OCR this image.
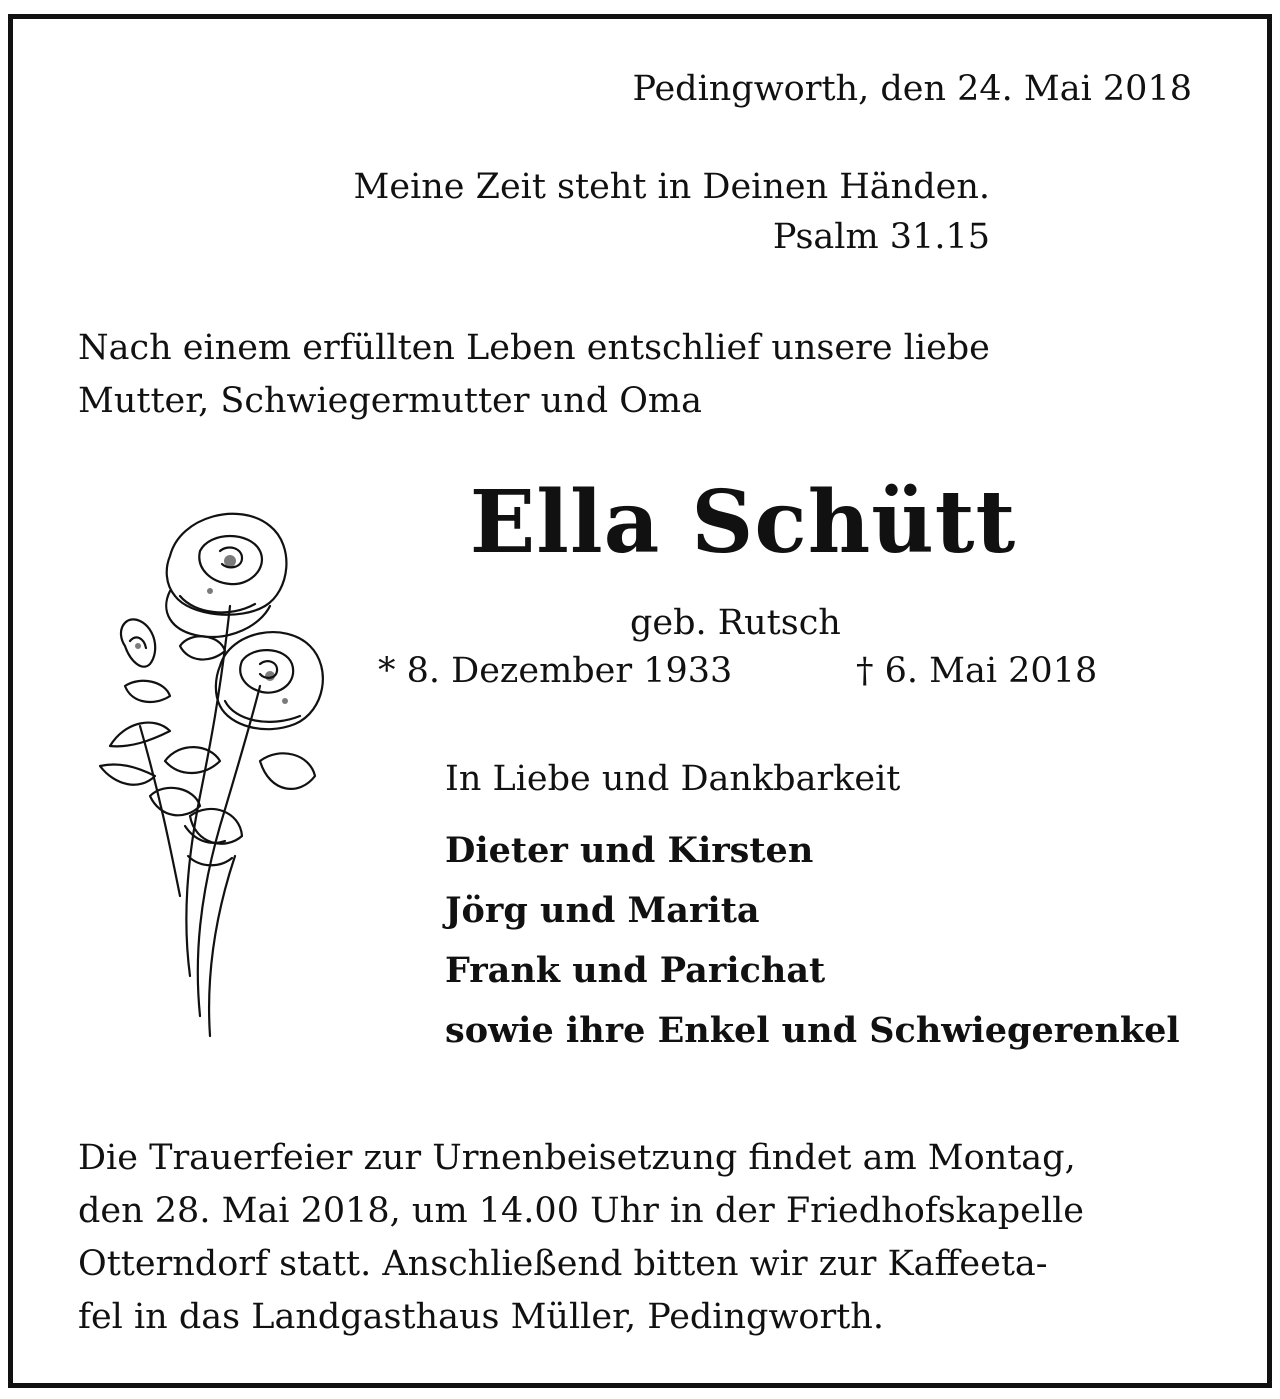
Pedingworth, den 24. Mai 2018

Meine Zeit steht in Deinen Händen.

Psalm 31.15

Nach einem erfüllten Leben entschlief unsere liebe
Mutter, Schwiegermutter und Oma

Ella Schütt

geb. Rutsch

* 8. Dezember 1933	† 6. Mai 2018

In Liebe und Dankbarkeit

Dieter und Kirsten

Jörg und Marita

Frank und Parichat

sowie ihre Enkel und Schwiegerenkel

Die Trauerfeier zur Urnenbeisetzung findet am Montag,
den 28. Mai 2018, um 14.00 Uhr in der Friedhofskapelle
Otterndorf statt. Anschließend bitten wir zur Kaffeeta-
fel in das Landgasthaus Müller, Pedingworth.
